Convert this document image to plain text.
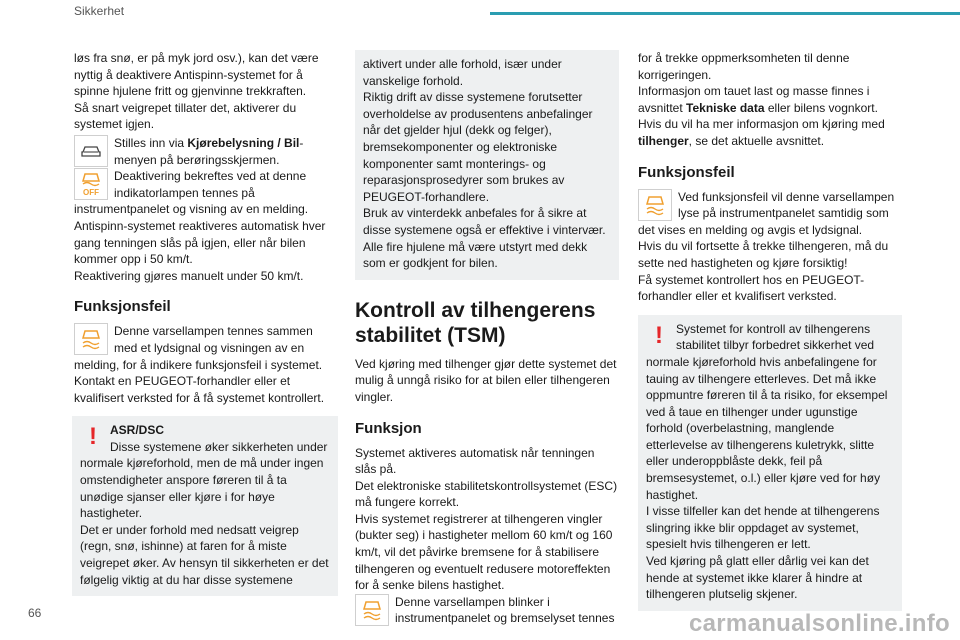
Sikkerhet

løs fra snø, er på myk jord osv.), kan det være nyttig å deaktivere Antispinn-systemet for å spinne hjulene fritt og gjenvinne trekkraften.

Så snart veigrepet tillater det, aktiverer du systemet igjen.

Stilles inn via Kjørebelysning / Bil-menyen på berøringsskjermen.

OFF

Deaktivering bekreftes ved at denne indikatorlampen tennes på instrumentpanelet og visning av en melding.

Antispinn-systemet reaktiveres automatisk hver gang tenningen slås på igjen, eller når bilen kommer opp i 50 km/t.

Reaktivering gjøres manuelt under 50 km/t.

Funksjonsfeil

Denne varsellampen tennes sammen med et lydsignal og visningen av en melding, for å indikere funksjonsfeil i systemet.

Kontakt en PEUGEOT-forhandler eller et kvalifisert verksted for å få systemet kontrollert.

!	ASR/DSC

Disse systemene øker sikkerheten under normale kjøreforhold, men de må under ingen omstendigheter anspore føreren til å ta unødige sjanser eller kjøre i for høye hastigheter.

Det er under forhold med nedsatt veigrep (regn, snø, ishinne) at faren for å miste veigrepet øker. Av hensyn til sikkerheten er det følgelig viktig at du har disse systemene

aktivert under alle forhold, især under vanskelige forhold.

Riktig drift av disse systemene forutsetter overholdelse av produsentens anbefalinger når det gjelder hjul (dekk og felger), bremsekomponenter og elektroniske komponenter samt monterings- og reparasjonsprosedyrer som brukes av PEUGEOT-forhandlere.

Bruk av vinterdekk anbefales for å sikre at disse systemene også er effektive i vintervær. Alle fire hjulene må være utstyrt med dekk som er godkjent for bilen.

Kontroll av tilhengerens stabilitet (TSM)

Ved kjøring med tilhenger gjør dette systemet det mulig å unngå risiko for at bilen eller tilhengeren vingler.

Funksjon

Systemet aktiveres automatisk når tenningen slås på.

Det elektroniske stabilitetskontrollsystemet (ESC) må fungere korrekt.

Hvis systemet registrerer at tilhengeren vingler (bukter seg) i hastigheter mellom 60 km/t og 160 km/t, vil det påvirke bremsene for å stabilisere tilhengeren og eventuelt redusere motoreffekten for å senke bilens hastighet.

Denne varsellampen blinker i instrumentpanelet og bremselyset tennes

for å trekke oppmerksomheten til denne korrigeringen.

Informasjon om tauet last og masse finnes i avsnittet Tekniske data eller bilens vognkort.

Hvis du vil ha mer informasjon om kjøring med tilhenger, se det aktuelle avsnittet.

Funksjonsfeil

Ved funksjonsfeil vil denne varsellampen lyse på instrumentpanelet samtidig som det vises en melding og avgis et lydsignal.

Hvis du vil fortsette å trekke tilhengeren, må du sette ned hastigheten og kjøre forsiktig!

Få systemet kontrollert hos en PEUGEOT-forhandler eller et kvalifisert verksted.

!	Systemet for kontroll av tilhengerens stabilitet tilbyr forbedret sikkerhet ved normale kjøreforhold hvis anbefalingene for tauing av tilhengere etterleves. Det må ikke oppmuntre føreren til å ta risiko, for eksempel ved å taue en tilhenger under ugunstige forhold (overbelastning, manglende etterlevelse av tilhengerens kuletrykk, slitte eller underoppblåste dekk, feil på bremsesystemet, o.l.) eller kjøre ved for høy hastighet.

I visse tilfeller kan det hende at tilhengerens slingring ikke blir oppdaget av systemet, spesielt hvis tilhengeren er lett.

Ved kjøring på glatt eller dårlig vei kan det hende at systemet ikke klarer å hindre at tilhengeren plutselig skjener.

66	carmanualsonline.info
